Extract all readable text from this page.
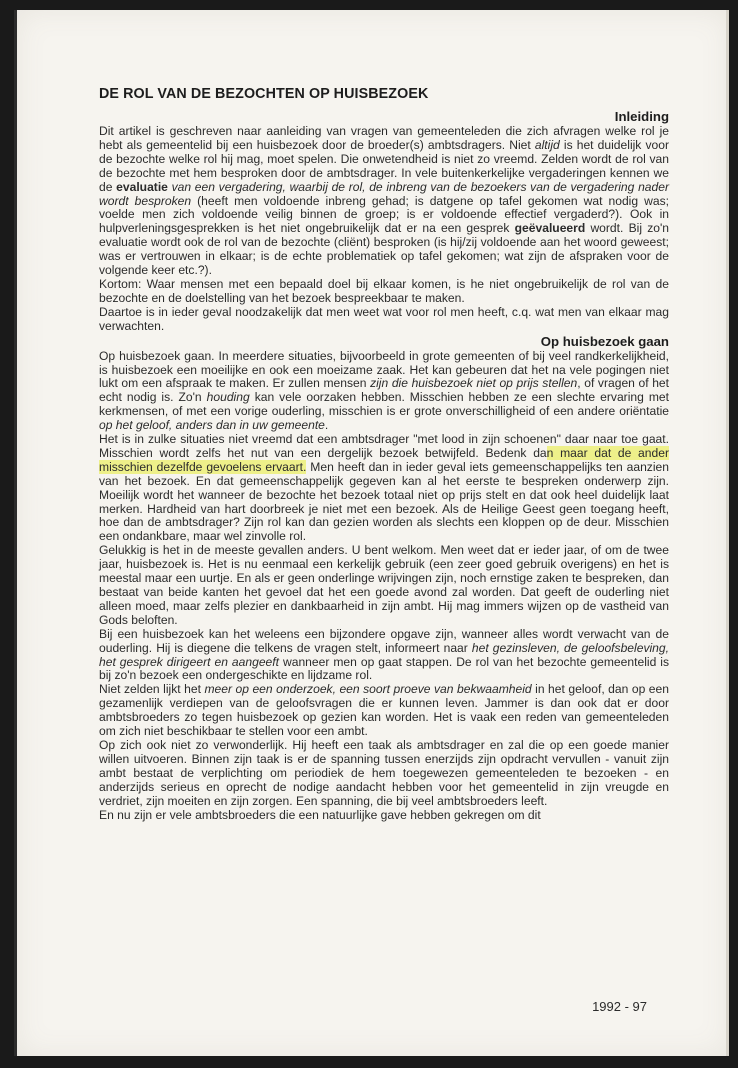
DE ROL VAN DE BEZOCHTEN OP HUISBEZOEK
Inleiding

Dit artikel is geschreven naar aanleiding van vragen van gemeenteleden die zich afvragen welke rol je hebt als gemeentelid bij een huisbezoek door de broeder(s) ambtsdragers. Niet altijd is het duidelijk voor de bezochte welke rol hij mag, moet spelen. Die onwetendheid is niet zo vreemd. Zelden wordt de rol van de bezochte met hem besproken door de ambtsdrager. In vele buitenkerkelijke vergaderingen kennen we de evaluatie van een vergadering, waarbij de rol, de inbreng van de bezoekers van de vergadering nader wordt besproken (heeft men voldoende inbreng gehad; is datgene op tafel gekomen wat nodig was; voelde men zich voldoende veilig binnen de groep; is er voldoende effectief vergaderd?). Ook in hulpverleningsgesprekken is het niet ongebruikelijk dat er na een gesprek geëvalueerd wordt. Bij zo'n evaluatie wordt ook de rol van de bezochte (cliënt) besproken (is hij/zij voldoende aan het woord geweest; was er vertrouwen in elkaar; is de echte problematiek op tafel gekomen; wat zijn de afspraken voor de volgende keer etc.?).

Kortom: Waar mensen met een bepaald doel bij elkaar komen, is he niet ongebruikelijk de rol van de bezochte en de doelstelling van het bezoek bespreekbaar te maken.

Daartoe is in ieder geval noodzakelijk dat men weet wat voor rol men heeft, c.q. wat men van elkaar mag verwachten.

Op huisbezoek gaan

Op huisbezoek gaan. In meerdere situaties, bijvoorbeeld in grote gemeenten of bij veel randkerkelijkheid, is huisbezoek een moeilijke en ook een moeizame zaak. Het kan gebeuren dat het na vele pogingen niet lukt om een afspraak te maken. Er zullen mensen zijn die huisbezoek niet op prijs stellen, of vragen of het echt nodig is. Zo'n houding kan vele oorzaken hebben. Misschien hebben ze een slechte ervaring met kerkmensen, of met een vorige ouderling, misschien is er grote onverschilligheid of een andere oriëntatie op het geloof, anders dan in uw gemeente.

Het is in zulke situaties niet vreemd dat een ambtsdrager "met lood in zijn schoenen" daar naar toe gaat. Misschien wordt zelfs het nut van een dergelijk bezoek betwijfeld. Bedenk dan maar dat de ander misschien dezelfde gevoelens ervaart. Men heeft dan in ieder geval iets gemeenschappelijks ten aanzien van het bezoek. En dat gemeenschappelijk gegeven kan al het eerste te bespreken onderwerp zijn. Moeilijk wordt het wanneer de bezochte het bezoek totaal niet op prijs stelt en dat ook heel duidelijk laat merken. Hardheid van hart doorbreek je niet met een bezoek. Als de Heilige Geest geen toegang heeft, hoe dan de ambtsdrager? Zijn rol kan dan gezien worden als slechts een kloppen op de deur. Misschien een ondankbare, maar wel zinvolle rol.

Gelukkig is het in de meeste gevallen anders. U bent welkom. Men weet dat er ieder jaar, of om de twee jaar, huisbezoek is. Het is nu eenmaal een kerkelijk gebruik (een zeer goed gebruik overigens) en het is meestal maar een uurtje. En als er geen onderlinge wrijvingen zijn, noch ernstige zaken te bespreken, dan bestaat van beide kanten het gevoel dat het een goede avond zal worden. Dat geeft de ouderling niet alleen moed, maar zelfs plezier en dankbaarheid in zijn ambt. Hij mag immers wijzen op de vastheid van Gods beloften.

Bij een huisbezoek kan het weleens een bijzondere opgave zijn, wanneer alles wordt verwacht van de ouderling. Hij is diegene die telkens de vragen stelt, informeert naar het gezinsleven, de geloofsbeleving, het gesprek dirigeert en aangeeft wanneer men op gaat stappen. De rol van het bezochte gemeentelid is bij zo'n bezoek een ondergeschikte en lijdzame rol.

Niet zelden lijkt het meer op een onderzoek, een soort proeve van bekwaamheid in het geloof, dan op een gezamenlijk verdiepen van de geloofsvragen die er kunnen leven. Jammer is dan ook dat er door ambtsbroeders zo tegen huisbezoek op gezien kan worden. Het is vaak een reden van gemeenteleden om zich niet beschikbaar te stellen voor een ambt.

Op zich ook niet zo verwonderlijk. Hij heeft een taak als ambtsdrager en zal die op een goede manier willen uitvoeren. Binnen zijn taak is er de spanning tussen enerzijds zijn opdracht vervullen - vanuit zijn ambt bestaat de verplichting om periodiek de hem toegewezen gemeenteleden te bezoeken - en anderzijds serieus en oprecht de nodige aandacht hebben voor het gemeentelid in zijn vreugde en verdriet, zijn moeiten en zijn zorgen. Een spanning, die bij veel ambtsbroeders leeft.

En nu zijn er vele ambtsbroeders die een natuurlijke gave hebben gekregen om dit

1992 - 97
